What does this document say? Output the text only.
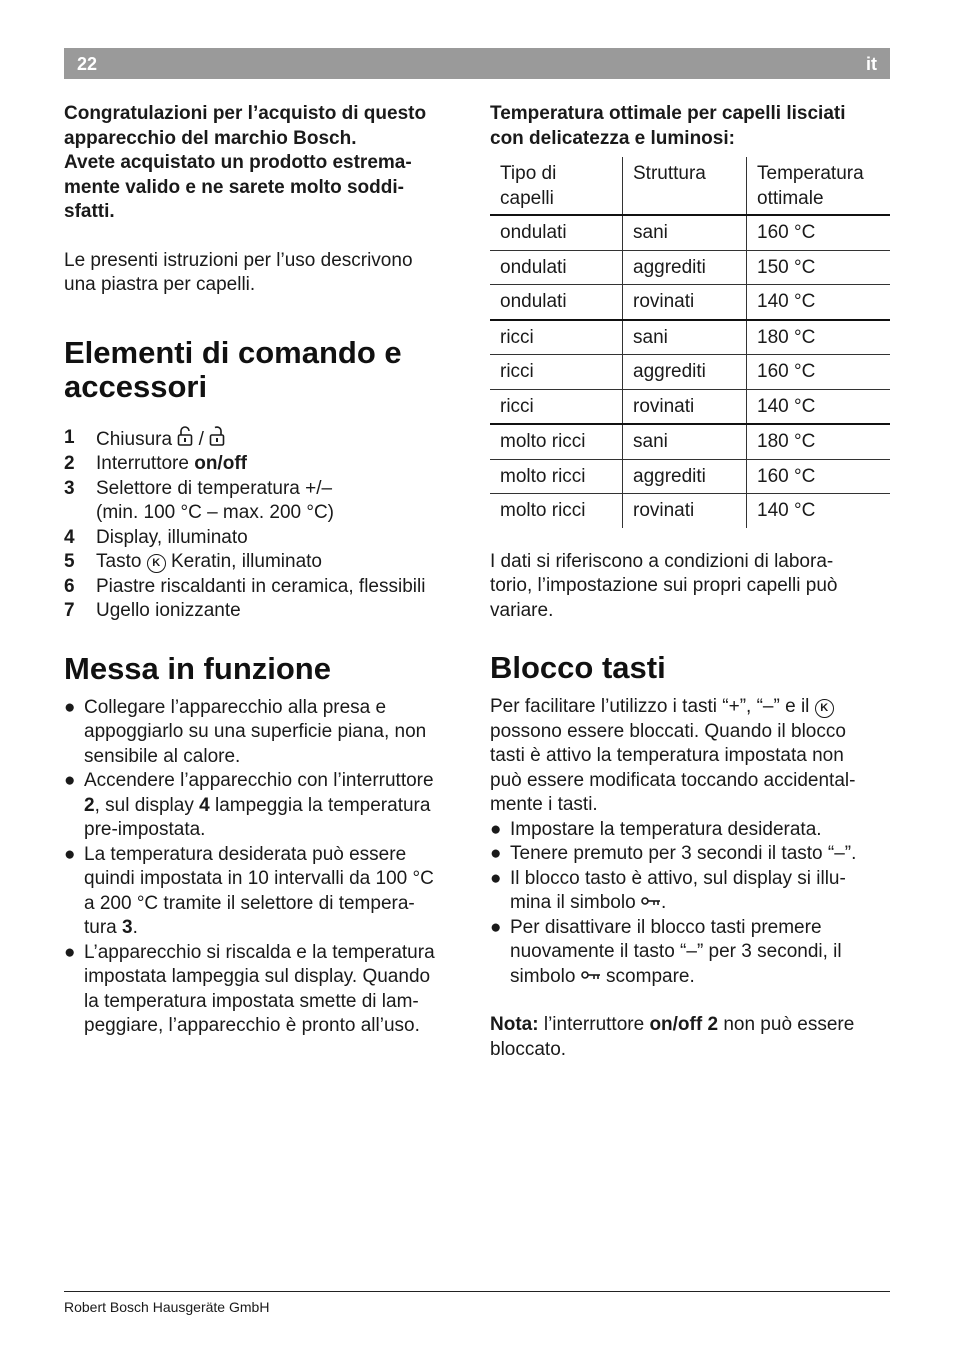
22	it

Congratulazioni per l’acquisto di questo

apparecchio del marchio Bosch.

Avete acquistato un prodotto estrema-

mente valido e ne sarete molto soddi-

sfatti.

Le presenti istruzioni per l’uso descrivono

una piastra per capelli.

Elementi di comando e
accessori
1	Chiusura /
2	Interruttore on/off
3	Selettore di temperatura +/–
(min. 100 °C – max. 200 °C)
4	Display, illuminato
5	Tasto K Keratin, illuminato
6	Piastre riscaldanti in ceramica, flessibili
7	Ugello ionizzante
Messa in funzione
● Collegare l’apparecchio alla presa e
appoggiarlo su una superficie piana, non
sensibile al calore.
● Accendere l’apparecchio con l’interruttore
2, sul display 4 lampeggia la temperatura
pre-impostata.
● La temperatura desiderata può essere
quindi impostata in 10 intervalli da 100 °C
a 200 °C tramite il selettore di tempera-
tura 3.
● L’apparecchio si riscalda e la temperatura
impostata lampeggia sul display. Quando
la temperatura impostata smette di lam-
peggiare, l’apparecchio è pronto all’uso.

Temperatura ottimale per capelli lisciati

con delicatezza e luminosi:

Tipo di
capelli	Struttura	Temperatura
ottimale
ondulati	sani	160 °C
ondulati	aggrediti	150 °C
ondulati	rovinati	140 °C
ricci	sani	180 °C
ricci	aggrediti	160 °C
ricci	rovinati	140 °C
molto ricci	sani	180 °C
molto ricci	aggrediti	160 °C
molto ricci	rovinati	140 °C

I dati si riferiscono a condizioni di labora-

torio, l’impostazione sui propri capelli può

variare.

Blocco tasti

Per facilitare l’utilizzo i tasti “+”, “–” e il K

possono essere bloccati. Quando il blocco

tasti è attivo la temperatura impostata non

può essere modificata toccando accidental-

mente i tasti.

● Impostare la temperatura desiderata.
● Tenere premuto per 3 secondi il tasto “–”.
● Il blocco tasto è attivo, sul display si illu-
mina il simbolo .
● Per disattivare il blocco tasti premere
nuovamente il tasto “–” per 3 secondi, il
simbolo scompare.

Nota: l’interruttore on/off 2 non può essere

bloccato.

Robert Bosch Hausgeräte GmbH
